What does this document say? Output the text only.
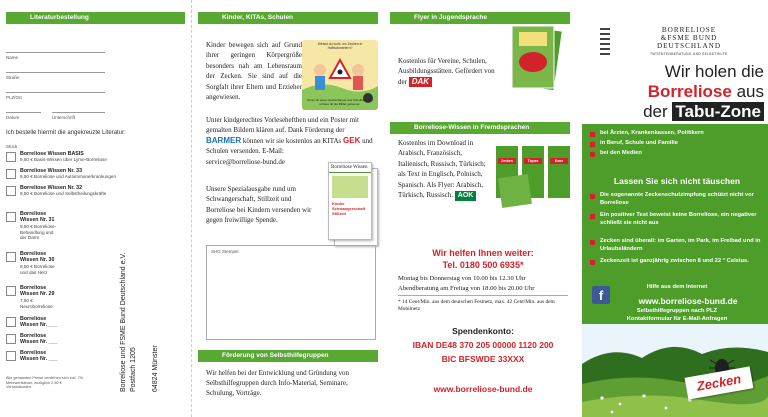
Literaturbestellung
Name
Straße
PLZ/Ort
Datum	Unterschrift
Ich bestelle hiermit die angekreuzte Literatur:
Stück
Borreliose Wissen BASIS
9,50 € Basis-Wissen über Lyme-Borreliose
Borreliose Wissen Nr. 33
9,50 € Borreliose und Autoimmunerkrankungen
Borreliose Wissen Nr. 32
9,50 € Borreliose und Selbstheilungskräfte
Borreliose Wissen Nr. 31
9,50 € Borreliose-Behandlung und der Darm
Borreliose Wissen Nr. 30
9,50 € Borreliose und das Herz
Borreliose Wissen Nr. 29
7,50 € Neuroborreliose
Borreliose Wissen Nr. ___
Borreliose Wissen Nr. ___
Borreliose Wissen Nr. ___
Alle genannten Preise verstehen sich inkl. 7% Mehrwertsteuer, zuzüglich 2,50 € Versandkosten.	Borreliose und FSME Bund Deutschland e.V. Postfach 1205 64824 Münster
Kinder, KITAs, Schulen
Kinder bewegen sich auf Grund ihrer geringen Körpergröße besonders nah am Lebensraum der Zecken. Sie sind auf die Sorgfalt ihrer Eltern und Erzieher angewiesen.
Weisst du wohl, wo Zecken in Haftschwertern?
Nimm dir einen Zeckenfänger aus Schulbank und schaue dir die Bilder genau an.
Unter kindgerechtes Vorlesehefthen und ein Poster mit gemalten Bildern klären auf. Dank Förderung der BARMER können wir sie kostenlos an KITAs GEK und Schulen versenden. E-Mail:
service@borreliose-bund.de
Borreliose Wissen
Kinder Schwangerschaft Stillzeit
Unsere Spezialausgabe rund um Schwangerschaft, Stillzeit und Borreliose bei Kindern versenden wir gegen freiwillige Spende.
SHG Stempel
Förderung von Selbsthilfegruppen
Wir helfen bei der Entwicklung und Gründung von Selbsthilfegruppen durch Info-Material, Seminare, Schulung, Vorträge.
Flyer in Jugendsprache
Kostenlos für Vereine, Schulen, Ausbildungsstätten. Gefördert von der DAK
Borreliose-Wissen in Fremdsprachen
Kostenlos im Download in Arabisch, Französisch, Italienisch, Russisch, Türkisch; als Text in Englisch, Polnisch, Spanisch. Als Flyer: Arabisch, Türkisch, Russisch. AOK
Zecken	Tiques	Kene
Wir helfen Ihnen weiter:
Tel. 0180 500 6935*
Montag bis Donnerstag von 10.00 bis 12.30 Uhr
Abendberatung am Freitag von 18.00 bis 20.00 Uhr
* 14 Cent/Min. aus dem deutschen Festnetz, max. 42 Cent/Min. aus dem Mobilnetz
Spendenkonto:
IBAN DE48 370 205 00000 1120 200
BIC BFSWDE 33XXX
www.borreliose-bund.de
BORRELIOSE
&FSME BUND
DEUTSCHLAND
PATIENTENBERATUNG UND SELBSTHILFE
Wir holen die
Borreliose aus
der Tabu-Zone
bei Ärzten, Krankenkassen, Politikern
in Beruf, Schule und Familie
bei den Medien
Lassen Sie sich nicht täuschen
Die sogenannte Zeckenschutzimpfung schützt nicht vor Borreliose
Ein positiver Test beweist keine Borreliose, ein negativer schließt sie nicht aus
Zecken sind überall: im Garten, im Park, im Freibad und in Urlaubsländern
Zeckenzeit ist ganzjährig zwischen 8 und 22 ° Celsius.
f
Hilfe aus dem Internet
www.borreliose-bund.de
Selbsthilfegruppen nach PLZ
Kontaktformular für E-Mail-Anfragen
Zecken
